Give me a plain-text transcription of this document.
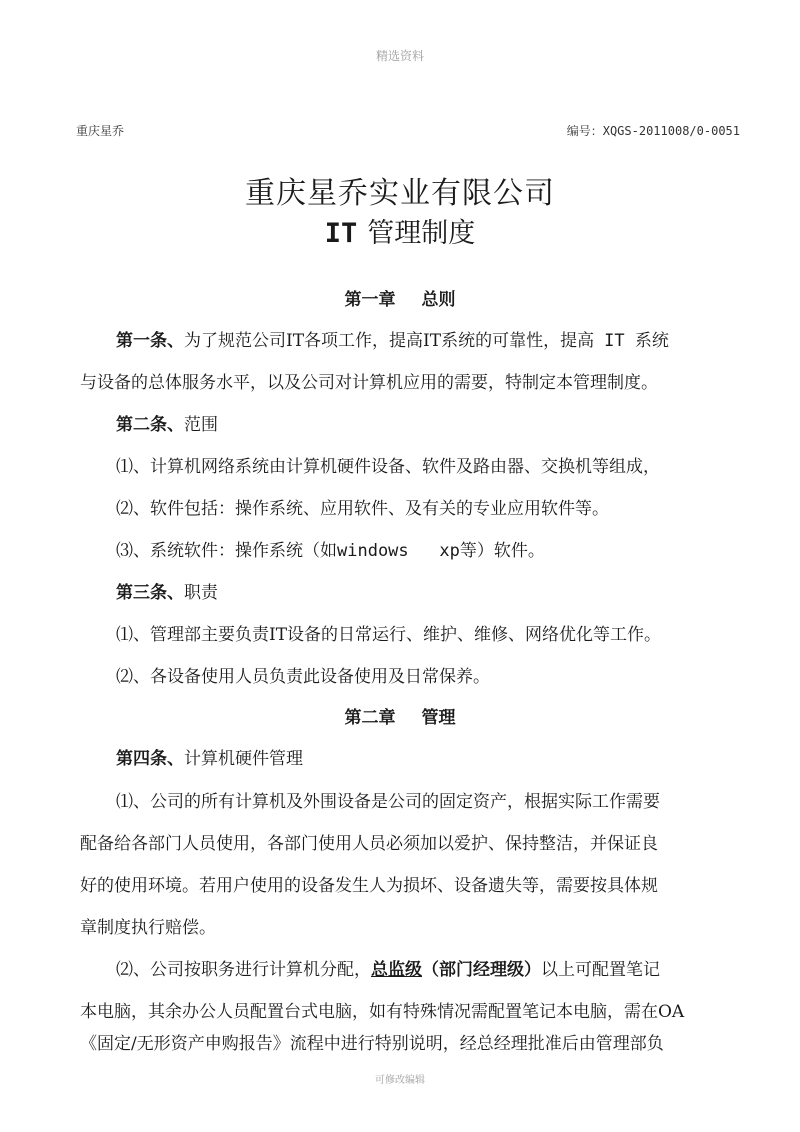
精选资料
重庆星乔	编号：XQGS-2011008/0-0051
重庆星乔实业有限公司
IT 管理制度
第一章 总则
第一条、为了规范公司IT各项工作，提高IT系统的可靠性，提高 IT 系统
与设备的总体服务水平，以及公司对计算机应用的需要，特制定本管理制度。
第二条、范围
⑴、计算机网络系统由计算机硬件设备、软件及路由器、交换机等组成，
⑵、软件包括：操作系统、应用软件、及有关的专业应用软件等。
⑶、系统软件：操作系统（如windows   xp等）软件。
第三条、职责
⑴、管理部主要负责IT设备的日常运行、维护、维修、网络优化等工作。
⑵、各设备使用人员负责此设备使用及日常保养。
第二章 管理
第四条、计算机硬件管理
⑴、公司的所有计算机及外围设备是公司的固定资产，根据实际工作需要
配备给各部门人员使用，各部门使用人员必须加以爱护、保持整洁，并保证良
好的使用环境。若用户使用的设备发生人为损坏、设备遗失等，需要按具体规
章制度执行赔偿。
⑵、公司按职务进行计算机分配，总监级（部门经理级）以上可配置笔记
本电脑，其余办公人员配置台式电脑，如有特殊情况需配置笔记本电脑，需在OA
《固定/无形资产申购报告》流程中进行特别说明，经总经理批准后由管理部负
可修改编辑
